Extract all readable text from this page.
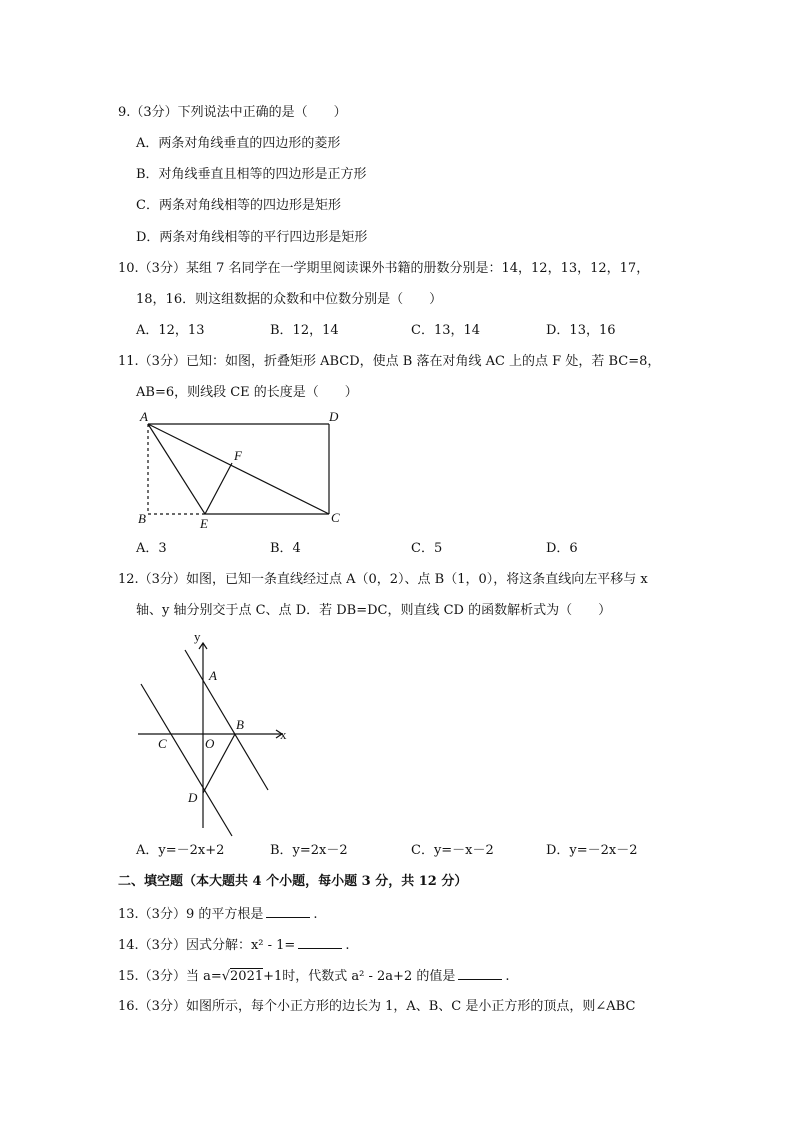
9.（3分）下列说法中正确的是（　　）
A．两条对角线垂直的四边形的菱形
B．对角线垂直且相等的四边形是正方形
C．两条对角线相等的四边形是矩形
D．两条对角线相等的平行四边形是矩形
10.（3分）某组 7 名同学在一学期里阅读课外书籍的册数分别是：14，12，13，12，17，
18，16．则这组数据的众数和中位数分别是（　　）
A．12，13	B．12，14	C．13，14	D．13，16
11.（3分）已知：如图，折叠矩形 ABCD，使点 B 落在对角线 AC 上的点 F 处，若 BC=8，
AB=6，则线段 CE 的长度是（　　）
A	D
F
B	E	C
A．3	B．4	C．5	D．6
12.（3分）如图，已知一条直线经过点 A（0，2）、点 B（1，0），将这条直线向左平移与 x
轴、y 轴分别交于点 C、点 D．若 DB=DC，则直线 CD 的函数解析式为（　　）
y
x
A
B
C	O
D
A．y=－2x+2	B．y=2x－2	C．y=－x－2	D．y=－2x－2
二、填空题（本大题共 4 个小题，每小题 3 分，共 12 分）
13.（3分）9 的平方根是	.
14.（3分）因式分解：x² - 1=	.
15.（3分）当 a=√2021+1时，代数式 a² - 2a+2 的值是	.
16.（3分）如图所示，每个小正方形的边长为 1，A、B、C 是小正方形的顶点，则∠ABC
